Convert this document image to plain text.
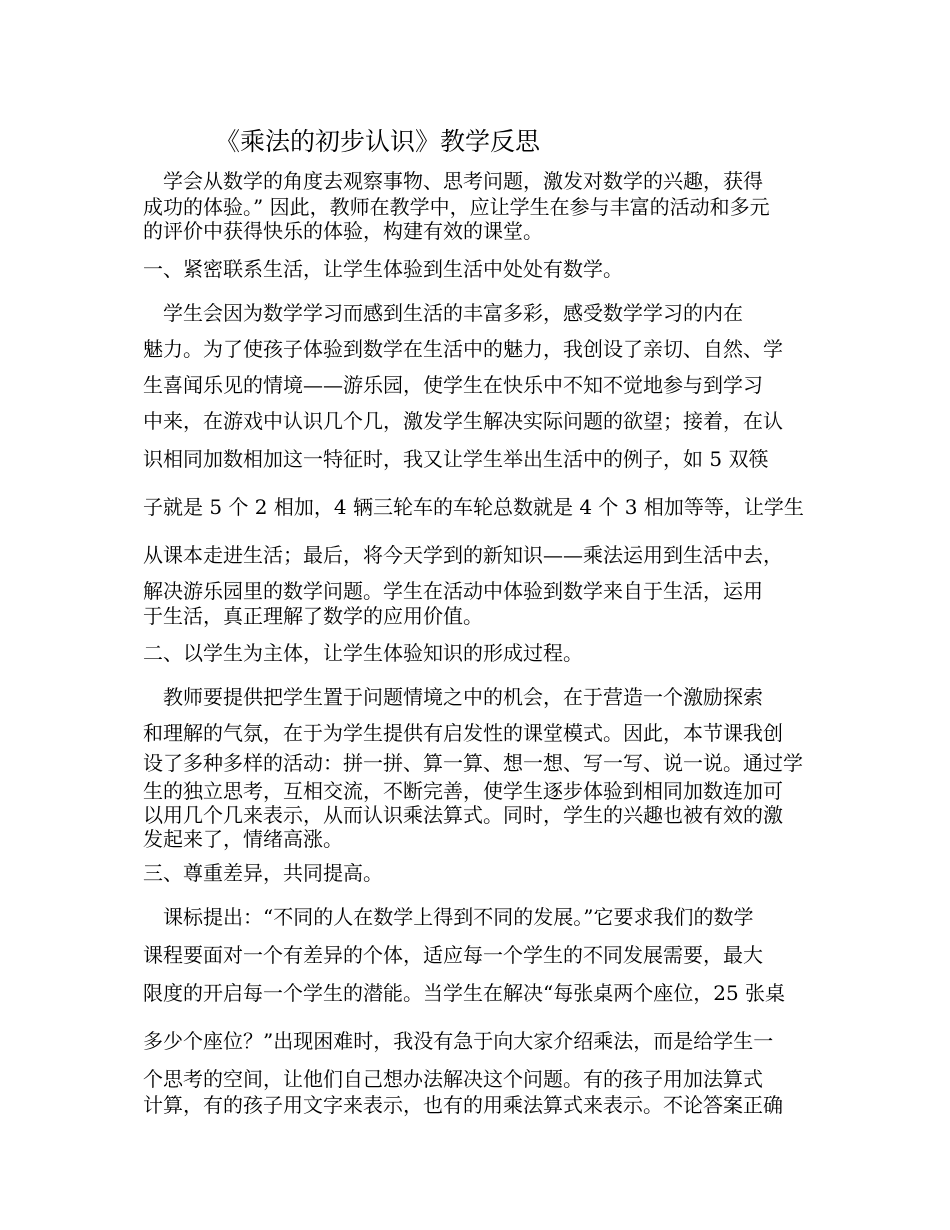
《乘法的初步认识》教学反思
　学会从数学的角度去观察事物、思考问题，激发对数学的兴趣，获得
成功的体验。” 因此，教师在教学中，应让学生在参与丰富的活动和多元
的评价中获得快乐的体验，构建有效的课堂。
一、紧密联系生活，让学生体验到生活中处处有数学。
　学生会因为数学学习而感到生活的丰富多彩，感受数学学习的内在
魅力。为了使孩子体验到数学在生活中的魅力，我创设了亲切、自然、学
生喜闻乐见的情境——游乐园，使学生在快乐中不知不觉地参与到学习
中来，在游戏中认识几个几，激发学生解决实际问题的欲望；接着，在认
识相同加数相加这一特征时，我又让学生举出生活中的例子，如 5 双筷
子就是 5 个 2 相加，4 辆三轮车的车轮总数就是 4 个 3 相加等等，让学生
从课本走进生活；最后，将今天学到的新知识——乘法运用到生活中去，
解决游乐园里的数学问题。学生在活动中体验到数学来自于生活，运用
于生活，真正理解了数学的应用价值。
二、以学生为主体，让学生体验知识的形成过程。
　教师要提供把学生置于问题情境之中的机会，在于营造一个激励探索
和理解的气氛，在于为学生提供有启发性的课堂模式。因此，本节课我创
设了多种多样的活动：拼一拼、算一算、想一想、写一写、说一说。通过学
生的独立思考，互相交流，不断完善，使学生逐步体验到相同加数连加可
以用几个几来表示，从而认识乘法算式。同时，学生的兴趣也被有效的激
发起来了，情绪高涨。
三、尊重差异，共同提高。
　课标提出：“不同的人在数学上得到不同的发展。”它要求我们的数学
课程要面对一个有差异的个体，适应每一个学生的不同发展需要，最大
限度的开启每一个学生的潜能。当学生在解决“每张桌两个座位，25 张桌
多少个座位？”出现困难时，我没有急于向大家介绍乘法，而是给学生一
个思考的空间，让他们自己想办法解决这个问题。有的孩子用加法算式
计算，有的孩子用文字来表示，也有的用乘法算式来表示。不论答案正确
